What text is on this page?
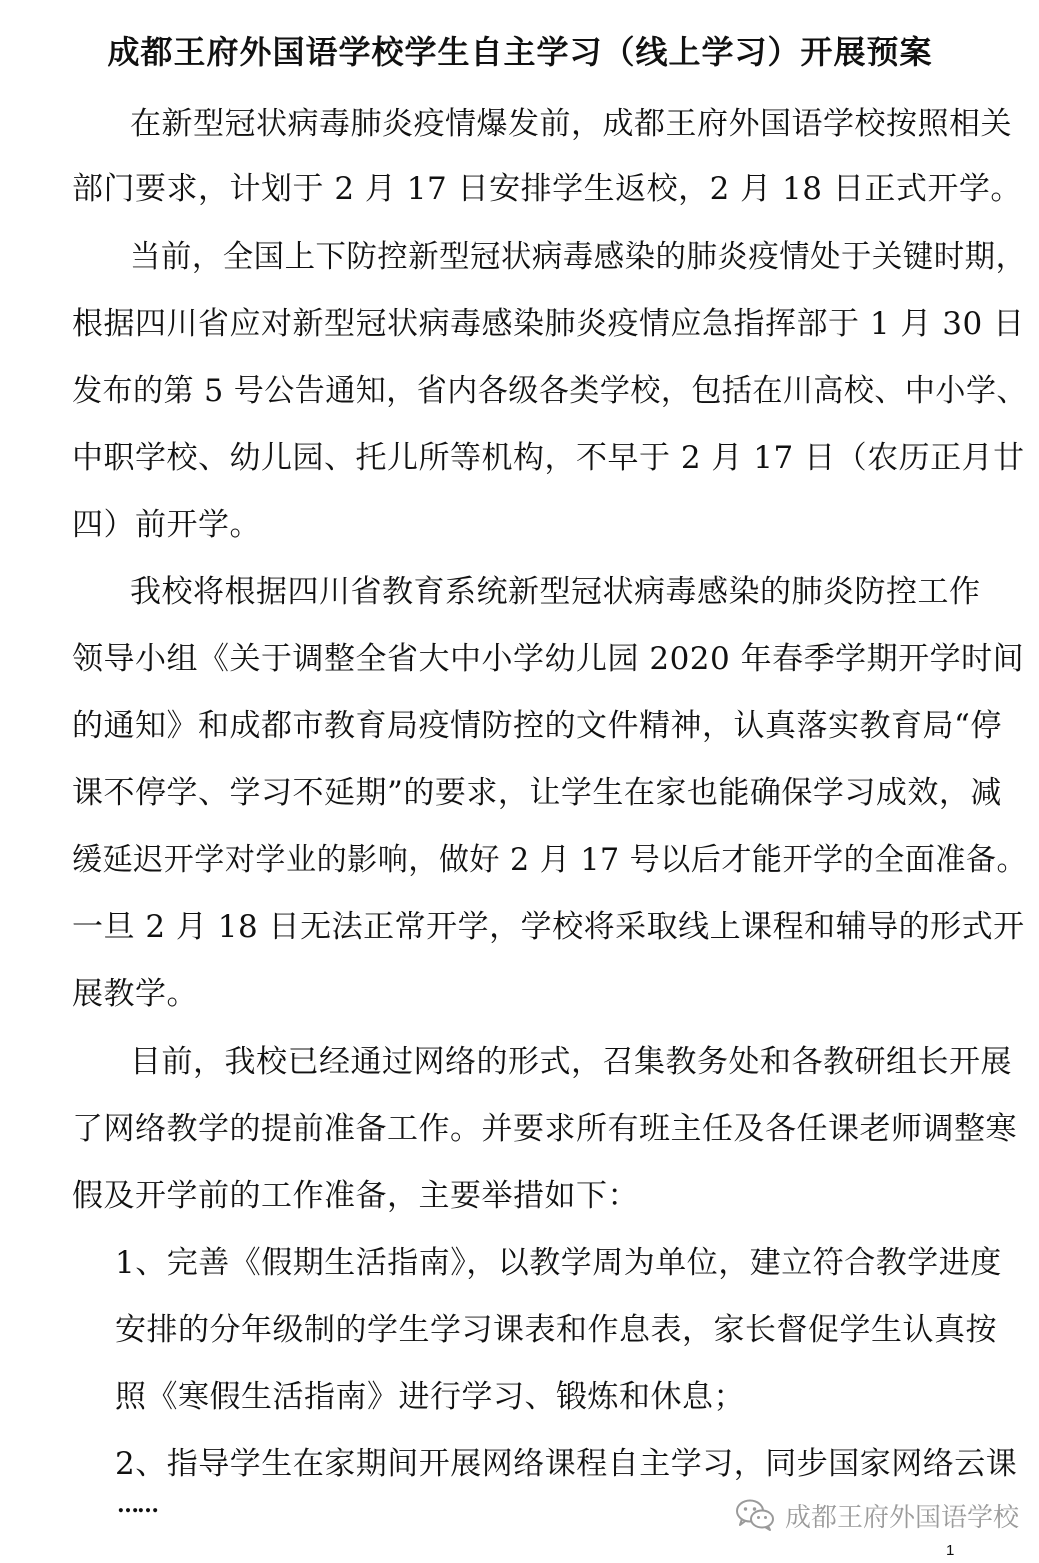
成都王府外国语学校学生自主学习（线上学习）开展预案
在新型冠状病毒肺炎疫情爆发前，成都王府外国语学校按照相关
部门要求，计划于 2 月 17 日安排学生返校，2 月 18 日正式开学。
当前，全国上下防控新型冠状病毒感染的肺炎疫情处于关键时期，
根据四川省应对新型冠状病毒感染肺炎疫情应急指挥部于 1 月 30 日
发布的第 5 号公告通知，省内各级各类学校，包括在川高校、中小学、
中职学校、幼儿园、托儿所等机构，不早于 2 月 17 日（农历正月廿
四）前开学。
我校将根据四川省教育系统新型冠状病毒感染的肺炎防控工作
领导小组《关于调整全省大中小学幼儿园 2020 年春季学期开学时间
的通知》和成都市教育局疫情防控的文件精神，认真落实教育局“停
课不停学、学习不延期”的要求，让学生在家也能确保学习成效，减
缓延迟开学对学业的影响，做好 2 月 17 号以后才能开学的全面准备。
一旦 2 月 18 日无法正常开学，学校将采取线上课程和辅导的形式开
展教学。
目前，我校已经通过网络的形式，召集教务处和各教研组长开展
了网络教学的提前准备工作。并要求所有班主任及各任课老师调整寒
假及开学前的工作准备，主要举措如下：
1、完善《假期生活指南》，以教学周为单位，建立符合教学进度
安排的分年级制的学生学习课表和作息表，家长督促学生认真按
照《寒假生活指南》进行学习、锻炼和休息；
2、指导学生在家期间开展网络课程自主学习，同步国家网络云课
……	成都王府外国语学校
1
